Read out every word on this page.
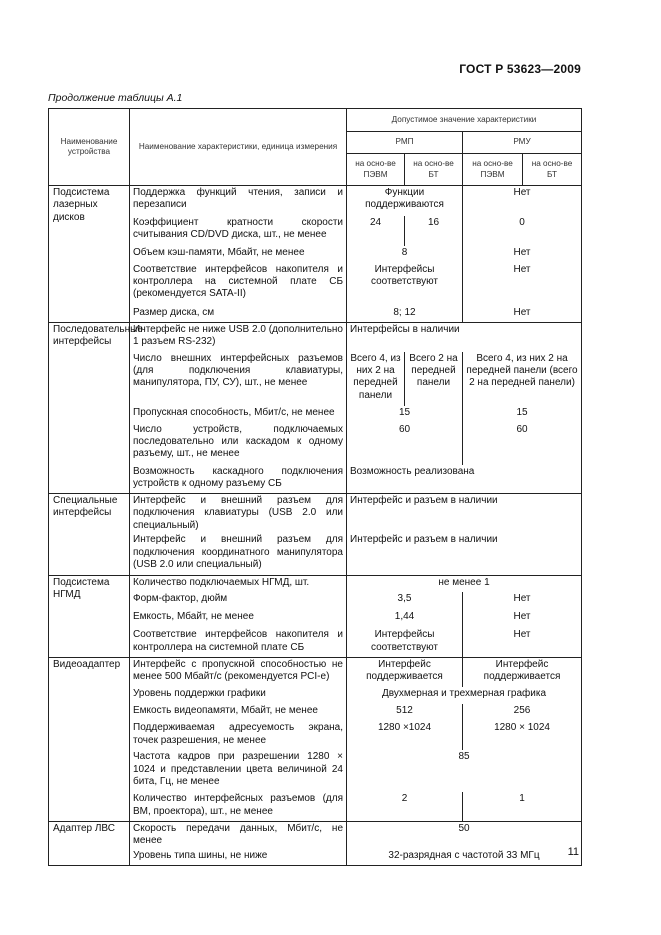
ГОСТ Р 53623—2009
Продолжение таблицы А.1
Наименование устройства	Наименование характеристики, единица измерения	Допустимое значение характеристики			
		РМП		РМУ	
		на осно-ве ПЭВМ	на осно-ве БТ	на осно-ве ПЭВМ	на осно-ве БТ
Подсистема лазерных дисков	Поддержка функций чтения, записи и перезаписи	Функции поддерживаются		Нет	
	Коэффициент кратности скорости считывания CD/DVD диска, шт., не менее	24	16	0	
	Объем кэш-памяти, Мбайт, не менее	8		Нет	
	Соответствие интерфейсов накопителя и контроллера на системной плате СБ (рекомендуется SATA-II)	Интерфейсы соответствуют		Нет	
	Размер диска, см	8; 12		Нет	
Последовательные интерфейсы	Интерфейс не ниже USB 2.0 (дополнительно 1 разъем RS-232)	Интерфейсы в наличии			
	Число внешних интерфейсных разъемов (для подключения клавиатуры, манипулятора, ПУ, СУ), шт., не менее	Всего 4, из них 2 на передней панели	Всего 2 на передней панели	Всего 4, из них 2 на передней панели (всего 2 на передней панели)	
	Пропускная способность, Мбит/с, не менее	15		15	
	Число устройств, подключаемых последовательно или каскадом к одному разъему, шт., не менее	60		60	
	Возможность каскадного подключения устройств к одному разъему СБ	Возможность реализована			
Специальные интерфейсы	Интерфейс и внешний разъем для подключения клавиатуры (USB 2.0 или специальный)	Интерфейс и разъем в наличии			
	Интерфейс и внешний разъем для подключения координатного манипулятора (USB 2.0 или специальный)	Интерфейс и разъем в наличии			
Подсистема НГМД	Количество подключаемых НГМД, шт.	не менее 1			
	Форм-фактор, дюйм	3,5		Нет	
	Емкость, Мбайт, не менее	1,44		Нет	
	Соответствие интерфейсов накопителя и контроллера на системной плате СБ	Интерфейсы соответствуют		Нет	
Видеоадаптер	Интерфейс с пропускной способностью не менее 500 Мбайт/с (рекомендуется PCI-e)	Интерфейс поддерживается		Интерфейс поддерживается	
	Уровень поддержки графики	Двухмерная и трехмерная графика			
	Емкость видеопамяти, Мбайт, не менее	512		256	
	Поддерживаемая адресуемость экрана, точек разрешения, не менее	1280 ×1024		1280 × 1024	
	Частота кадров при разрешении 1280 × 1024 и представлении цвета величиной 24 бита, Гц, не менее	85			
	Количество интерфейсных разъемов (для ВМ, проектора), шт., не менее	2		1	
Адаптер ЛВС	Скорость передачи данных, Мбит/с, не менее	50			
	Уровень типа шины, не ниже	32-разрядная с частотой 33 МГц				11
